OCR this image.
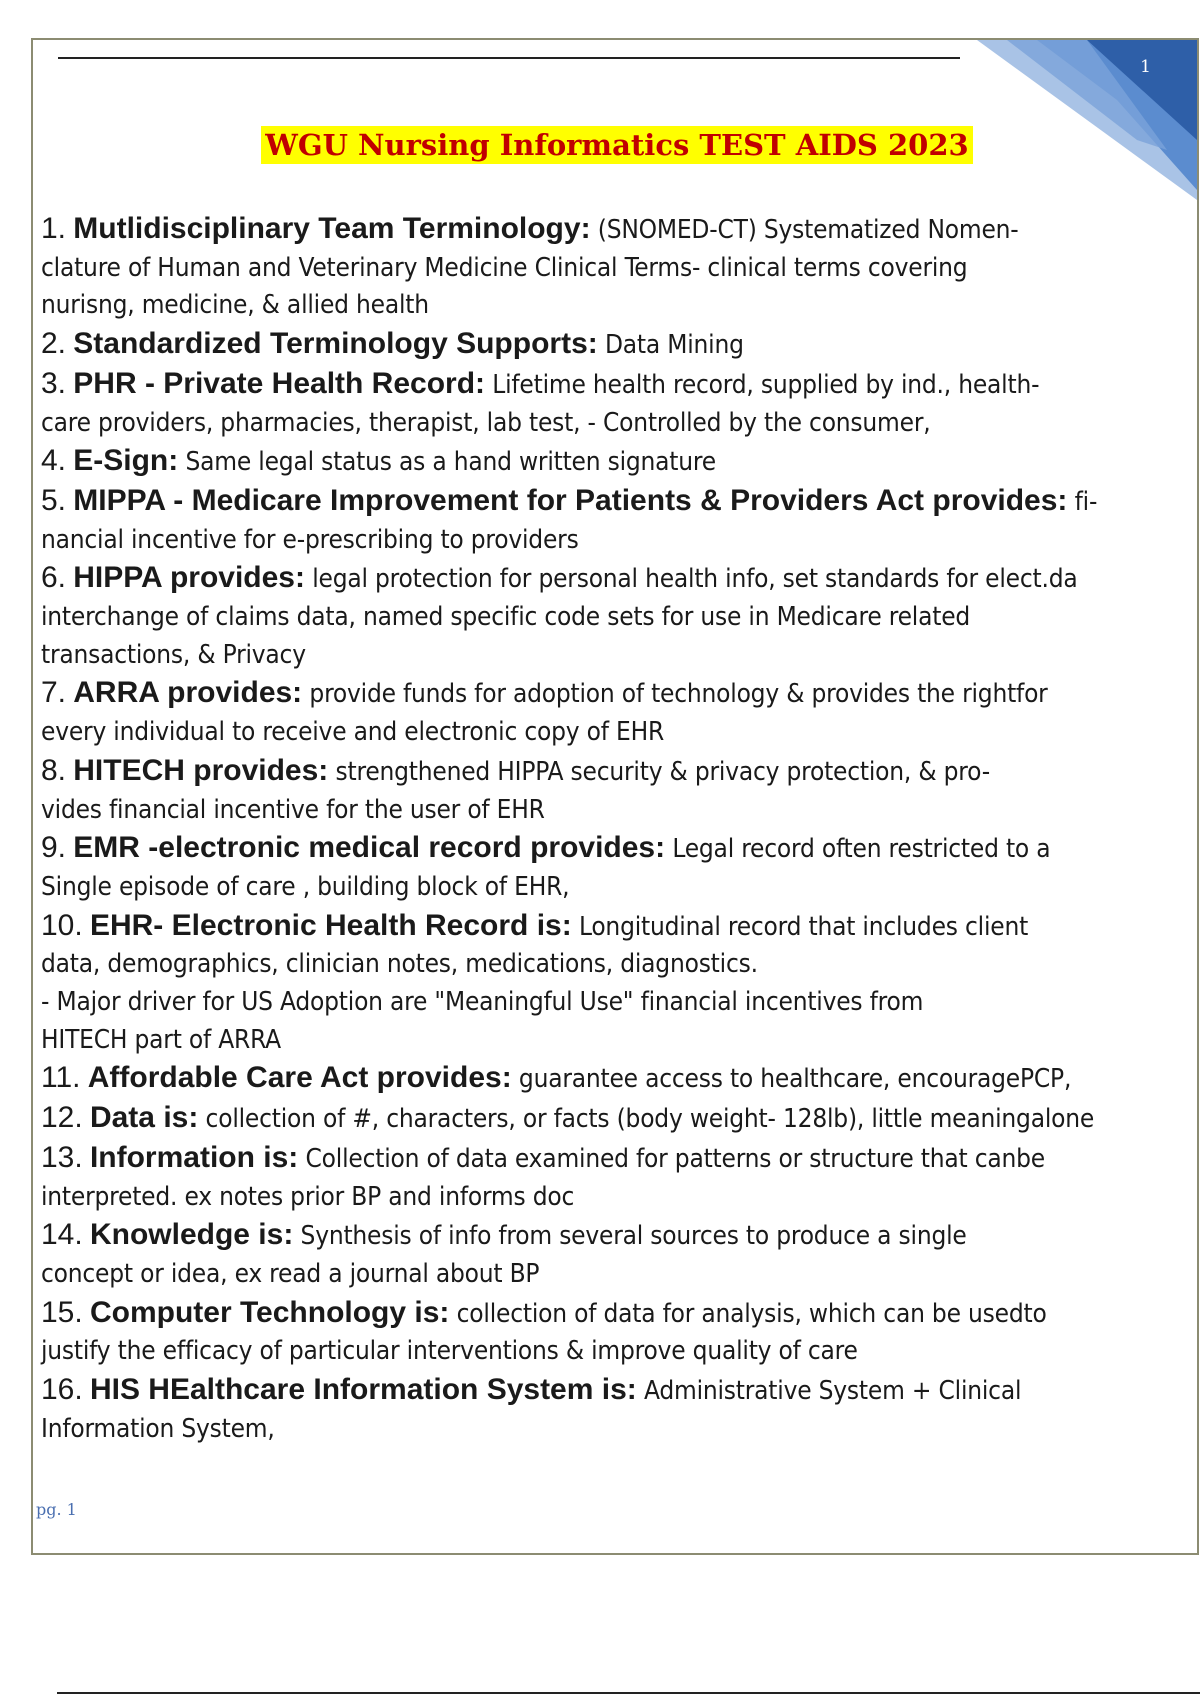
1
WGU Nursing Informatics TEST AIDS 2023
1. Mutlidisciplinary Team Terminology: (SNOMED-CT) Systematized Nomen-
clature of Human and Veterinary Medicine Clinical Terms- clinical terms covering
nurisng, medicine, & allied health
2. Standardized Terminology Supports: Data Mining
3. PHR - Private Health Record: Lifetime health record, supplied by ind., health-
care providers, pharmacies, therapist, lab test, - Controlled by the consumer,
4. E-Sign: Same legal status as a hand written signature
5. MIPPA - Medicare Improvement for Patients & Providers Act provides: fi-
nancial incentive for e-prescribing to providers
6. HIPPA provides: legal protection for personal health info, set standards for elect.da
interchange of claims data, named specific code sets for use in Medicare related
transactions, & Privacy
7. ARRA provides: provide funds for adoption of technology & provides the rightfor
every individual to receive and electronic copy of EHR
8. HITECH provides: strengthened HIPPA security & privacy protection, & pro-
vides financial incentive for the user of EHR
9. EMR -electronic medical record provides: Legal record often restricted to a
Single episode of care , building block of EHR,
10. EHR- Electronic Health Record is: Longitudinal record that includes client
data, demographics, clinician notes, medications, diagnostics.
- Major driver for US Adoption are "Meaningful Use" financial incentives from
HITECH part of ARRA
11. Affordable Care Act provides: guarantee access to healthcare, encouragePCP,
12. Data is: collection of #, characters, or facts (body weight- 128lb), little meaningalone
13. Information is: Collection of data examined for patterns or structure that canbe
interpreted. ex notes prior BP and informs doc
14. Knowledge is: Synthesis of info from several sources to produce a single
concept or idea, ex read a journal about BP
15. Computer Technology is: collection of data for analysis, which can be usedto
justify the efficacy of particular interventions & improve quality of care
16. HIS HEalthcare Information System is: Administrative System + Clinical
Information System,
pg. 1
